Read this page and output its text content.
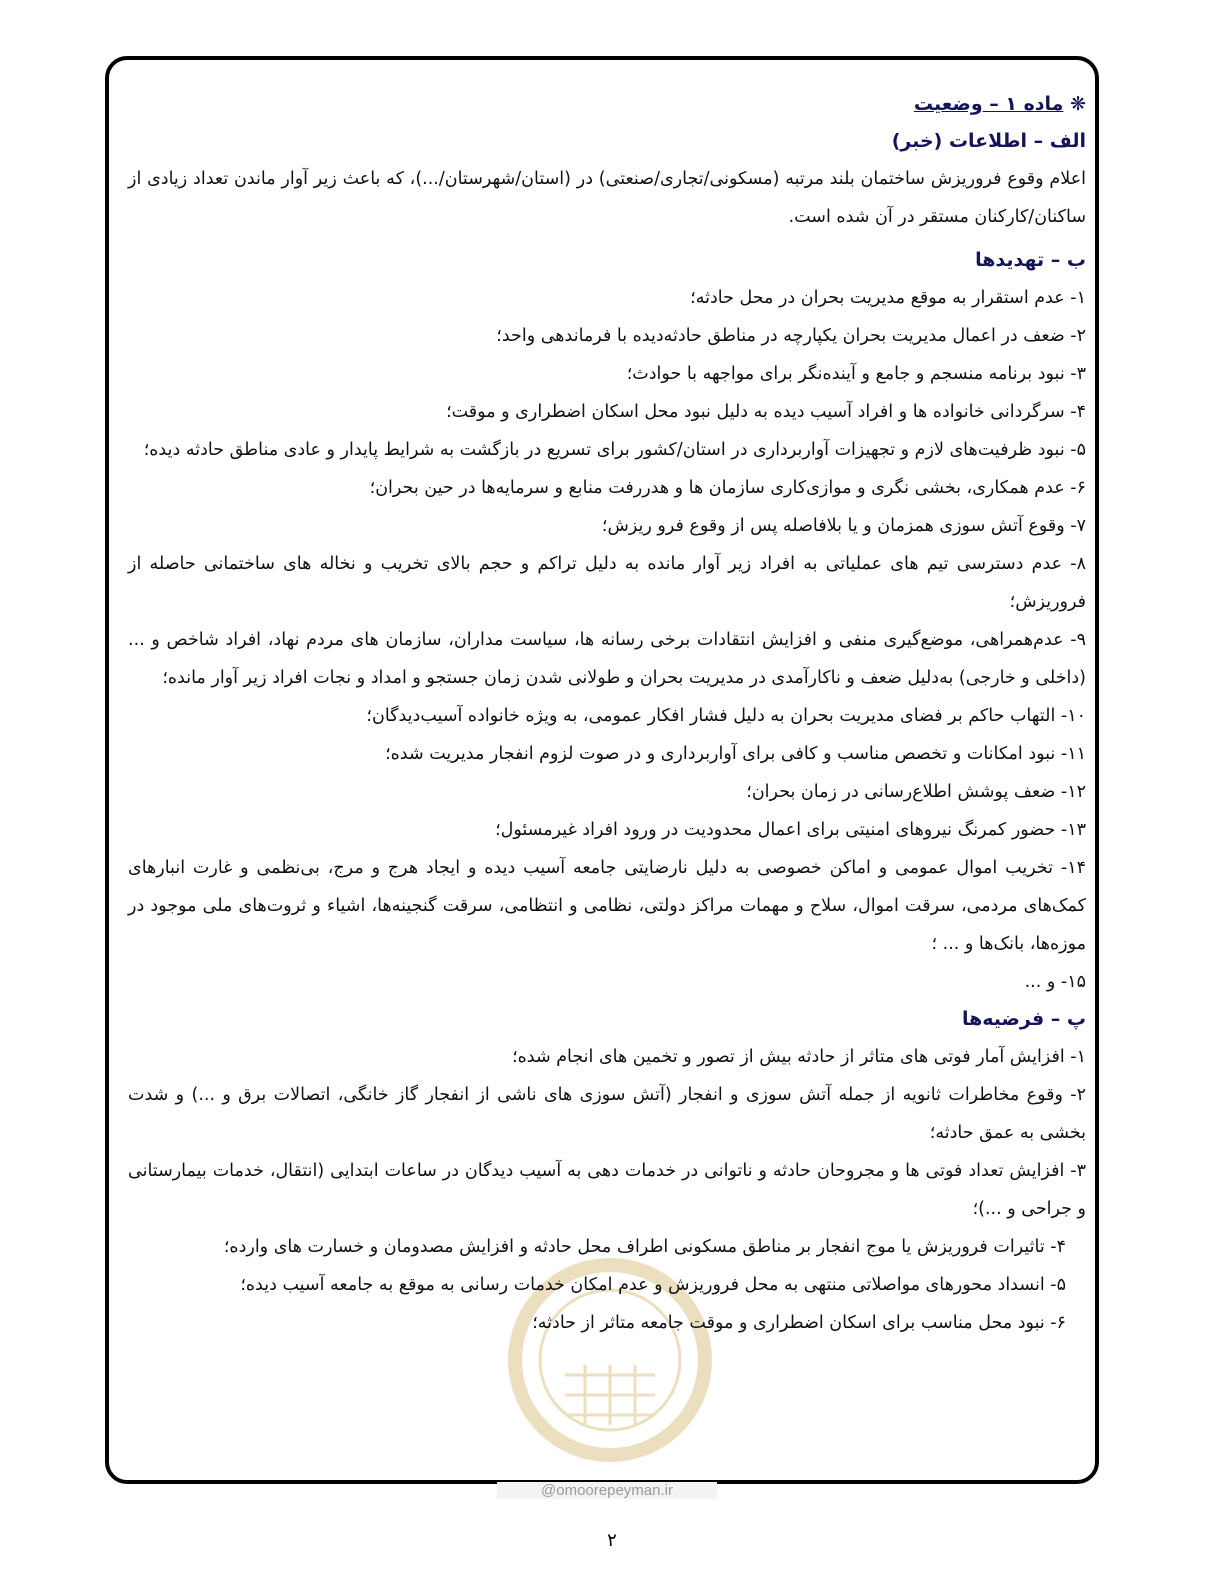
@omoorepeyman.ir
❋ ماده ۱ – وضعیت
الف – اطلاعات (خبر)
اعلام وقوع فروریزش ساختمان بلند مرتبه (مسکونی/تجاری/صنعتی) در (استان/شهرستان/...)، که باعث زیر آوار ماندن تعداد زیادی از ساکنان/کارکنان مستقر در آن شده است.
ب – تهدیدها
۱- عدم استقرار به موقع مدیریت بحران در محل حادثه؛
۲- ضعف در اعمال مدیریت بحران یکپارچه در مناطق حادثه‌دیده با فرماندهی واحد؛
۳- نبود برنامه منسجم و جامع و آینده‌نگر برای مواجهه با حوادث؛
۴- سرگردانی خانواده ها و افراد آسیب دیده به دلیل نبود محل اسکان اضطراری و موقت؛
۵- نبود ظرفیت‌های لازم و تجهیزات آواربرداری در استان/کشور برای تسریع در بازگشت به شرایط پایدار و عادی مناطق حادثه دیده؛
۶- عدم همکاری، بخشی نگری و موازی‌کاری سازمان ها و هدررفت منابع و سرمایه‌ها در حین بحران؛
۷- وقوع آتش سوزی همزمان و یا بلافاصله پس از وقوع فرو ریزش؛
۸- عدم دسترسی تیم های عملیاتی به افراد زیر آوار مانده به دلیل تراکم و حجم بالای تخریب و نخاله های ساختمانی حاصله از فروریزش؛
۹- عدم‌همراهی، موضع‌گیری منفی و افزایش انتقادات برخی رسانه ها، سیاست مداران، سازمان های مردم نهاد، افراد شاخص و ... (داخلی و خارجی) به‌دلیل ضعف و ناکارآمدی در مدیریت بحران و طولانی شدن زمان جستجو و امداد و نجات افراد زیر آوار مانده؛
۱۰- التهاب حاکم بر فضای مدیریت بحران به دلیل فشار افکار عمومی، به ویژه خانواده آسیب‌دیدگان؛
۱۱- نبود امکانات و تخصص مناسب و کافی برای آواربرداری و در صوت لزوم انفجار مدیریت شده؛
۱۲- ضعف پوشش اطلاع‌رسانی در زمان بحران؛
۱۳- حضور کمرنگ نیروهای امنیتی برای اعمال محدودیت در ورود افراد غیرمسئول؛
۱۴- تخریب اموال عمومی و اماکن خصوصی به دلیل نارضایتی جامعه آسیب دیده و ایجاد هرج و مرج، بی‌نظمی و غارت انبارهای کمک‌های مردمی، سرقت اموال، سلاح و مهمات مراکز دولتی، نظامی و انتظامی، سرقت گنجینه‌ها، اشیاء و ثروت‌های ملی موجود در موزه‌ها، بانک‌ها و ... ؛
۱۵- و ...
پ – فرضیه‌ها
۱- افزایش آمار فوتی های متاثر از حادثه بیش از تصور و تخمین های انجام شده؛
۲- وقوع مخاطرات ثانویه از جمله آتش سوزی و انفجار (آتش سوزی های ناشی از انفجار گاز خانگی، اتصالات برق و ...) و شدت بخشی به عمق حادثه؛
۳- افزایش تعداد فوتی ها و مجروحان حادثه و ناتوانی در خدمات دهی به آسیب دیدگان در ساعات ابتدایی (انتقال، خدمات بیمارستانی و جراحی و ...)؛
۴- تاثیرات فروریزش یا موج انفجار بر مناطق مسکونی اطراف محل حادثه و افزایش مصدومان و خسارت های وارده؛
۵- انسداد محورهای مواصلاتی منتهی به محل فروریزش و عدم امکان خدمات رسانی به موقع به جامعه آسیب دیده؛
۶- نبود محل مناسب برای اسکان اضطراری و موقت جامعه متاثر از حادثه؛
۲
